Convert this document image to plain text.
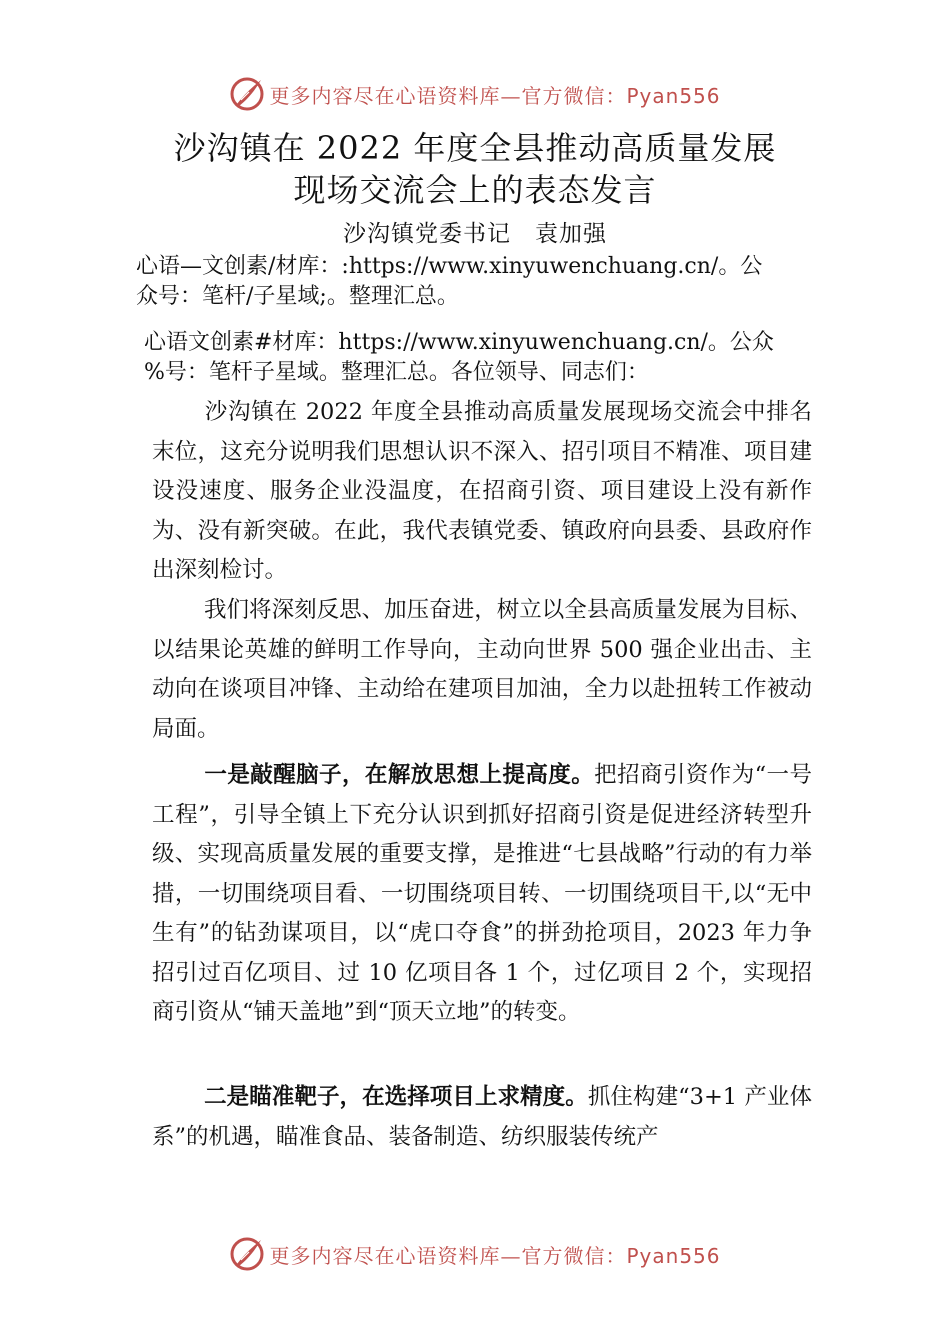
更多内容尽在心语资料库—官方微信：Pyan556
沙沟镇在 2022 年度全县推动高质量发展
现场交流会上的表态发言
沙沟镇党委书记　袁加强
心语—文创素/材库：:https://www.xinyuwenchuang.cn/。公
众号：笔杆/子星域;。整理汇总。
心语文创素#材库：https://www.xinyuwenchuang.cn/。公众
%号：笔杆子星域。整理汇总。各位领导、同志们：
沙沟镇在 2022 年度全县推动高质量发展现场交流会中排名末位，这充分说明我们思想认识不深入、招引项目不精准、项目建设没速度、服务企业没温度，在招商引资、项目建设上没有新作为、没有新突破。在此，我代表镇党委、镇政府向县委、县政府作出深刻检讨。
我们将深刻反思、加压奋进，树立以全县高质量发展为目标、以结果论英雄的鲜明工作导向，主动向世界 500 强企业出击、主动向在谈项目冲锋、主动给在建项目加油，全力以赴扭转工作被动局面。
一是敲醒脑子，在解放思想上提高度。把招商引资作为“一号工程”，引导全镇上下充分认识到抓好招商引资是促进经济转型升级、实现高质量发展的重要支撑，是推进“七县战略”行动的有力举措，一切围绕项目看、一切围绕项目转、一切围绕项目干,以“无中生有”的钻劲谋项目，以“虎口夺食”的拼劲抢项目，2023 年力争招引过百亿项目、过 10 亿项目各 1 个，过亿项目 2 个，实现招商引资从“铺天盖地”到“顶天立地”的转变。
二是瞄准靶子，在选择项目上求精度。抓住构建“3+1 产业体系”的机遇，瞄准食品、装备制造、纺织服装传统产
更多内容尽在心语资料库—官方微信：Pyan556
